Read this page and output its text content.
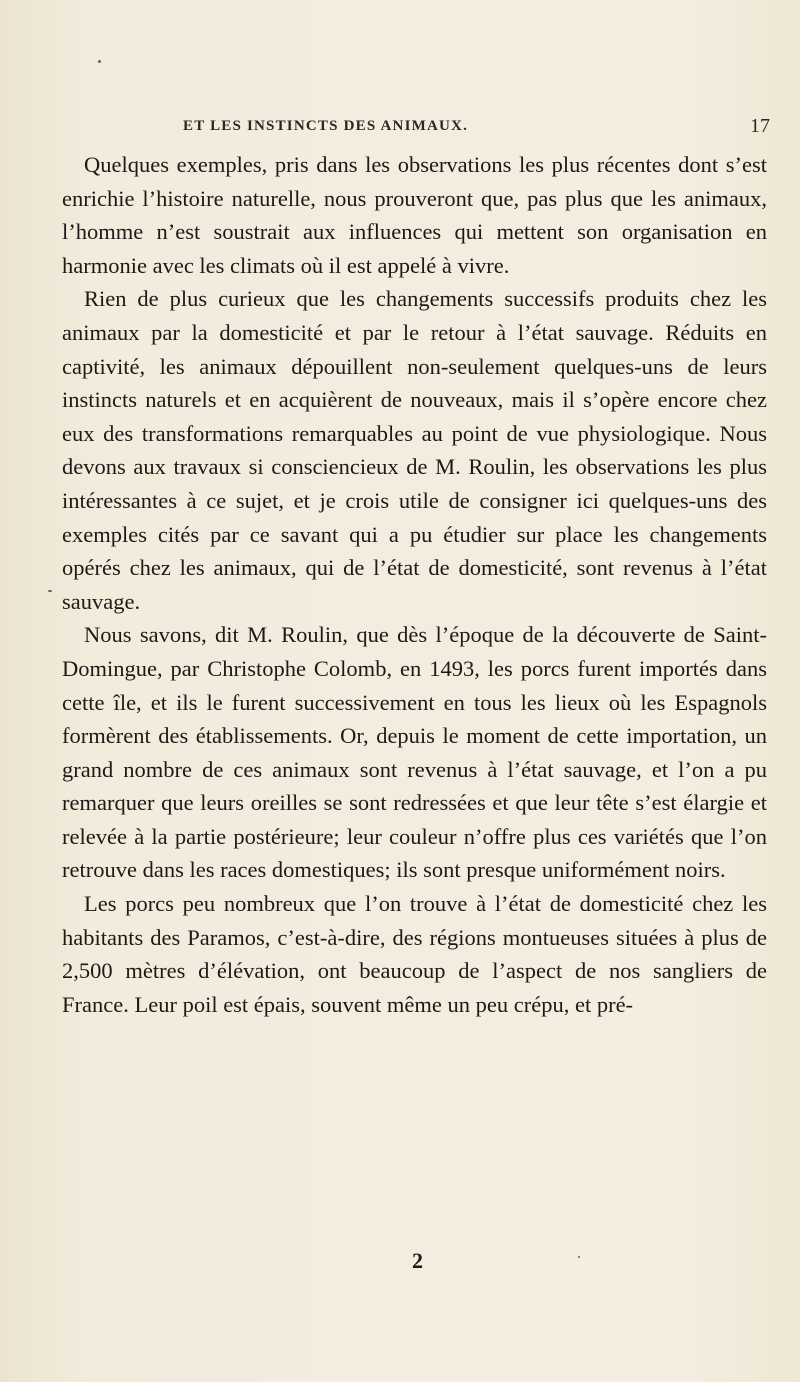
ET LES INSTINCTS DES ANIMAUX.	17

Quelques exemples, pris dans les observations les plus récentes dont s’est enrichie l’histoire naturelle, nous prouveront que, pas plus que les animaux, l’homme n’est soustrait aux influences qui mettent son organisation en harmonie avec les climats où il est appelé à vivre.

Rien de plus curieux que les changements successifs produits chez les animaux par la domesticité et par le retour à l’état sauvage. Réduits en captivité, les animaux dépouillent non-seulement quelques-uns de leurs instincts naturels et en acquièrent de nouveaux, mais il s’opère encore chez eux des transformations remarquables au point de vue physiologique. Nous devons aux travaux si consciencieux de M. Roulin, les observations les plus intéressantes à ce sujet, et je crois utile de consigner ici quelques-uns des exemples cités par ce savant qui a pu étudier sur place les changements opérés chez les animaux, qui de l’état de domesticité, sont revenus à l’état sauvage.

Nous savons, dit M. Roulin, que dès l’époque de la découverte de Saint-Domingue, par Christophe Colomb, en 1493, les porcs furent importés dans cette île, et ils le furent successivement en tous les lieux où les Espagnols formèrent des établissements. Or, depuis le moment de cette importation, un grand nombre de ces animaux sont revenus à l’état sauvage, et l’on a pu remarquer que leurs oreilles se sont redressées et que leur tête s’est élargie et relevée à la partie postérieure; leur couleur n’offre plus ces variétés que l’on retrouve dans les races domestiques; ils sont presque uniformément noirs.

Les porcs peu nombreux que l’on trouve à l’état de domesticité chez les habitants des Paramos, c’est-à-dire, des régions montueuses situées à plus de 2,500 mètres d’élévation, ont beaucoup de l’aspect de nos sangliers de France. Leur poil est épais, souvent même un peu crépu, et pré-

2
